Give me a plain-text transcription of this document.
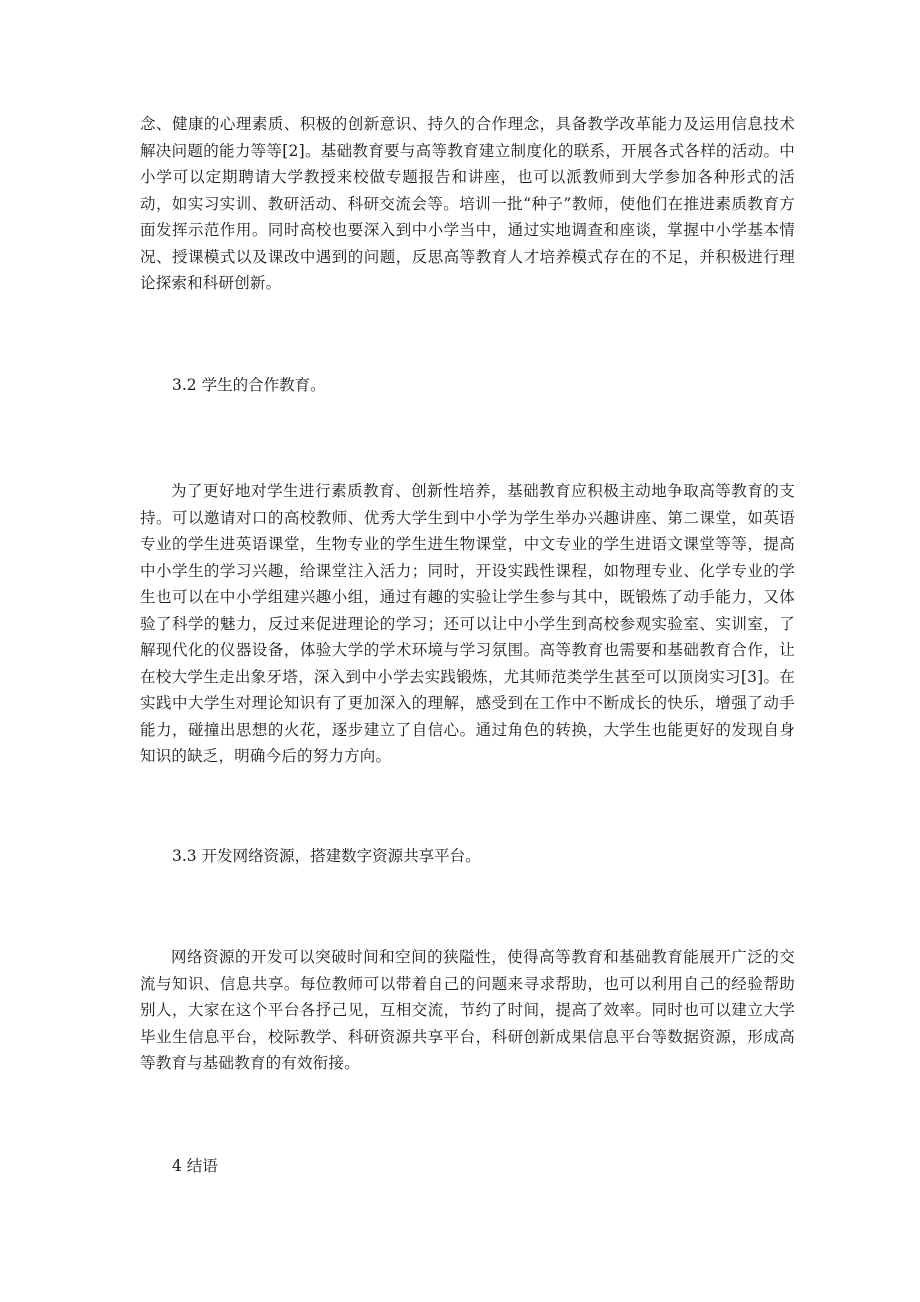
念、健康的心理素质、积极的创新意识、持久的合作理念，具备教学改革能力及运用信息技术解决问题的能力等等[2]。基础教育要与高等教育建立制度化的联系，开展各式各样的活动。中小学可以定期聘请大学教授来校做专题报告和讲座，也可以派教师到大学参加各种形式的活动，如实习实训、教研活动、科研交流会等。培训一批“种子”教师，使他们在推进素质教育方面发挥示范作用。同时高校也要深入到中小学当中，通过实地调查和座谈，掌握中小学基本情况、授课模式以及课改中遇到的问题，反思高等教育人才培养模式存在的不足，并积极进行理论探索和科研创新。

3.2 学生的合作教育。

为了更好地对学生进行素质教育、创新性培养，基础教育应积极主动地争取高等教育的支持。可以邀请对口的高校教师、优秀大学生到中小学为学生举办兴趣讲座、第二课堂，如英语专业的学生进英语课堂，生物专业的学生进生物课堂，中文专业的学生进语文课堂等等，提高中小学生的学习兴趣，给课堂注入活力；同时，开设实践性课程，如物理专业、化学专业的学生也可以在中小学组建兴趣小组，通过有趣的实验让学生参与其中，既锻炼了动手能力，又体验了科学的魅力，反过来促进理论的学习；还可以让中小学生到高校参观实验室、实训室，了解现代化的仪器设备，体验大学的学术环境与学习氛围。高等教育也需要和基础教育合作，让在校大学生走出象牙塔，深入到中小学去实践锻炼，尤其师范类学生甚至可以顶岗实习[3]。在实践中大学生对理论知识有了更加深入的理解，感受到在工作中不断成长的快乐，增强了动手能力，碰撞出思想的火花，逐步建立了自信心。通过角色的转换，大学生也能更好的发现自身知识的缺乏，明确今后的努力方向。

3.3 开发网络资源，搭建数字资源共享平台。

网络资源的开发可以突破时间和空间的狭隘性，使得高等教育和基础教育能展开广泛的交流与知识、信息共享。每位教师可以带着自己的问题来寻求帮助，也可以利用自己的经验帮助别人，大家在这个平台各抒己见，互相交流，节约了时间，提高了效率。同时也可以建立大学毕业生信息平台，校际教学、科研资源共享平台，科研创新成果信息平台等数据资源，形成高等教育与基础教育的有效衔接。

4 结语
